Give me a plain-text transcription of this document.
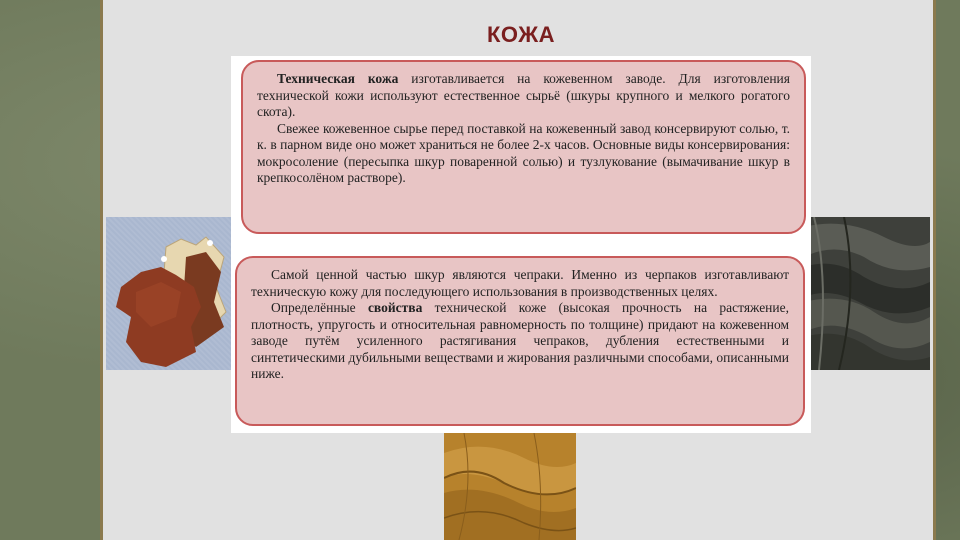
КОЖА

Техническая кожа изготавливается на кожевенном заводе. Для изготовления технической кожи используют естественное сырьё (шкуры крупного и мелкого рогатого скота).

Свежее кожевенное сырье перед поставкой на кожевенный завод консервируют солью, т. к. в парном виде оно может храниться не более 2-х часов. Основные виды консервирования: мокросоление (пересыпка шкур поваренной солью) и тузлукование (вымачивание шкур в крепкосолёном растворе).

Самой ценной частью шкур являются чепраки. Именно из черпаков изготавливают техническую кожу для последующего использования в производственных целях.

Определённые свойства технической коже (высокая прочность на растяжение, плотность, упругость и относительная равномерность по толщине) придают на кожевенном заводе путём усиленного растягивания чепраков, дубления естественными и синтетическими дубильными веществами и жирования различными способами, описанными ниже.
